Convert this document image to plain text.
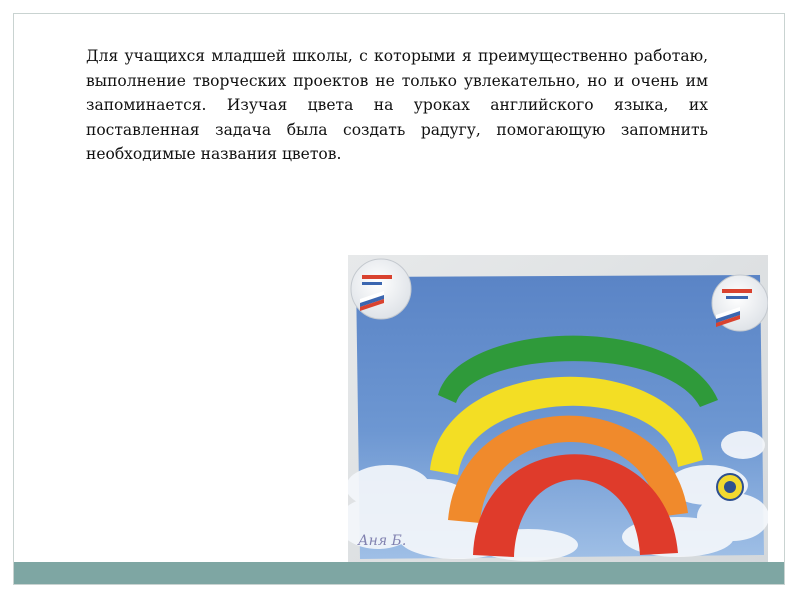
Для учащихся младшей школы, с которыми я преимущественно работаю, выполнение творческих проектов не только увлекательно, но и очень им запоминается. Изучая цвета на уроках английского языка, их поставленная задача была создать радугу, помогающую запомнить необходимые названия цветов.

Аня Б.
